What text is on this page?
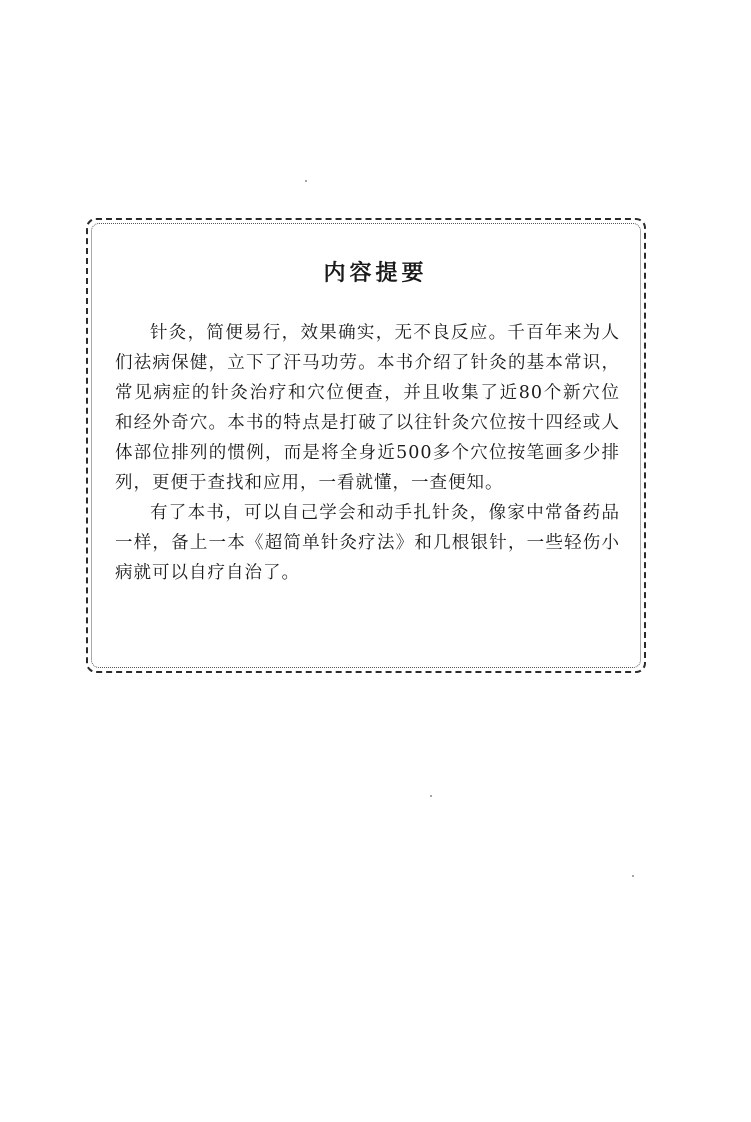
内容提要

针灸，简便易行，效果确实，无不良反应。千百年来为人们祛病保健，立下了汗马功劳。本书介绍了针灸的基本常识，常见病症的针灸治疗和穴位便查，并且收集了近80个新穴位和经外奇穴。本书的特点是打破了以往针灸穴位按十四经或人体部位排列的惯例，而是将全身近500多个穴位按笔画多少排列，更便于查找和应用，一看就懂，一查便知。

有了本书，可以自己学会和动手扎针灸，像家中常备药品一样，备上一本《超简单针灸疗法》和几根银针，一些轻伤小病就可以自疗自治了。
